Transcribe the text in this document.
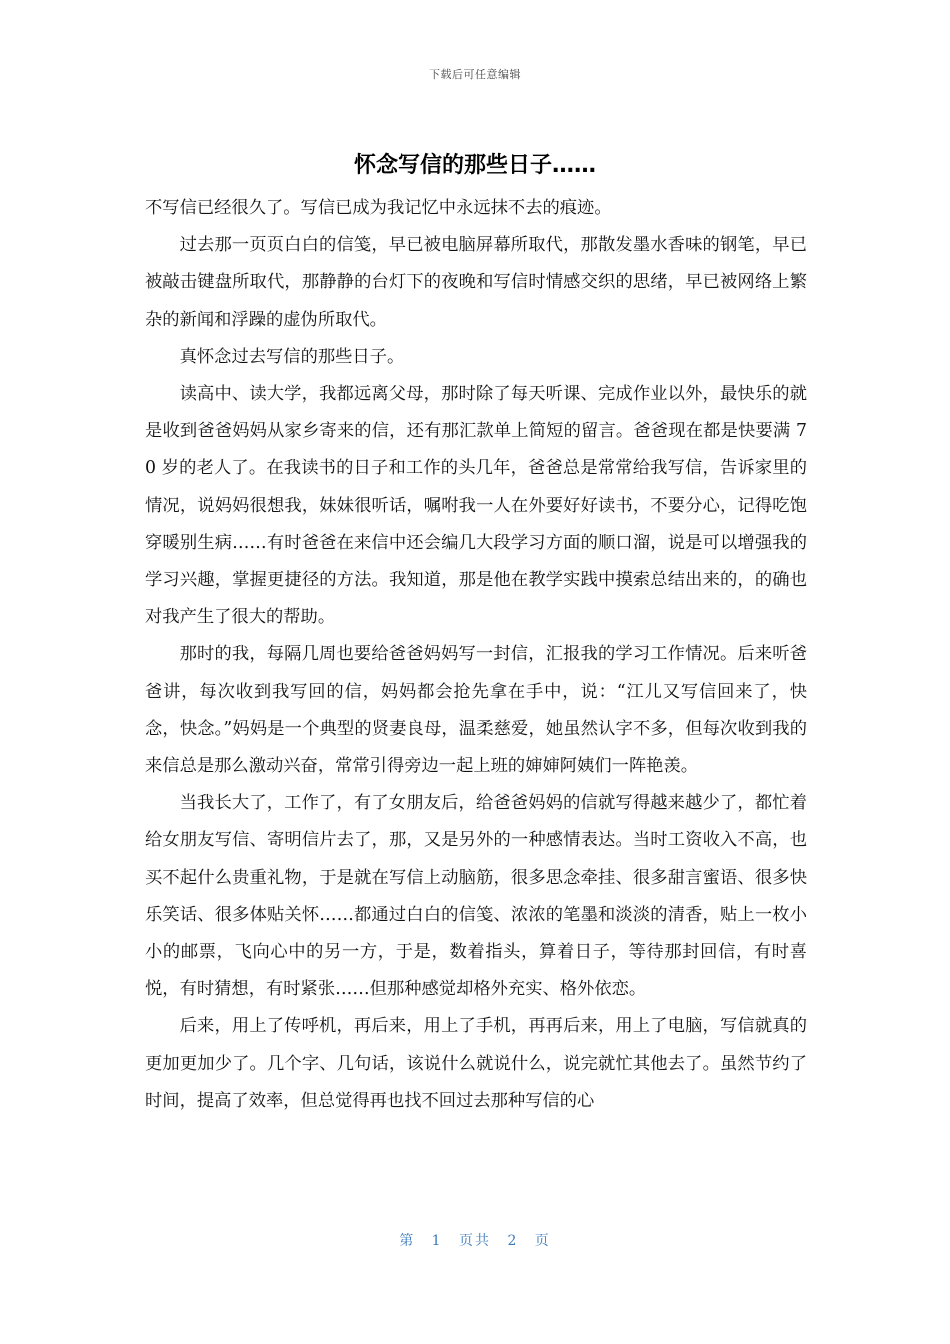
下载后可任意编辑
怀念写信的那些日子……

不写信已经很久了。写信已成为我记忆中永远抹不去的痕迹。

过去那一页页白白的信笺，早已被电脑屏幕所取代，那散发墨水香味的钢笔，早已被敲击键盘所取代，那静静的台灯下的夜晚和写信时情感交织的思绪，早已被网络上繁杂的新闻和浮躁的虚伪所取代。

真怀念过去写信的那些日子。

读高中、读大学，我都远离父母，那时除了每天听课、完成作业以外，最快乐的就是收到爸爸妈妈从家乡寄来的信，还有那汇款单上简短的留言。爸爸现在都是快要满 70 岁的老人了。在我读书的日子和工作的头几年，爸爸总是常常给我写信，告诉家里的情况，说妈妈很想我，妹妹很听话，嘱咐我一人在外要好好读书，不要分心，记得吃饱穿暖别生病……有时爸爸在来信中还会编几大段学习方面的顺口溜，说是可以增强我的学习兴趣，掌握更捷径的方法。我知道，那是他在教学实践中摸索总结出来的，的确也对我产生了很大的帮助。

那时的我，每隔几周也要给爸爸妈妈写一封信，汇报我的学习工作情况。后来听爸爸讲，每次收到我写回的信，妈妈都会抢先拿在手中，说：“江儿又写信回来了，快念，快念。”妈妈是一个典型的贤妻良母，温柔慈爱，她虽然认字不多，但每次收到我的来信总是那么激动兴奋，常常引得旁边一起上班的婶婶阿姨们一阵艳羡。

当我长大了，工作了，有了女朋友后，给爸爸妈妈的信就写得越来越少了，都忙着给女朋友写信、寄明信片去了，那，又是另外的一种感情表达。当时工资收入不高，也买不起什么贵重礼物，于是就在写信上动脑筋，很多思念牵挂、很多甜言蜜语、很多快乐笑话、很多体贴关怀……都通过白白的信笺、浓浓的笔墨和淡淡的清香，贴上一枚小小的邮票，飞向心中的另一方，于是，数着指头，算着日子，等待那封回信，有时喜悦，有时猜想，有时紧张……但那种感觉却格外充实、格外依恋。

后来，用上了传呼机，再后来，用上了手机，再再后来，用上了电脑，写信就真的更加更加少了。几个字、几句话，该说什么就说什么，说完就忙其他去了。虽然节约了时间，提高了效率，但总觉得再也找不回过去那种写信的心

第 1 页共 2 页
